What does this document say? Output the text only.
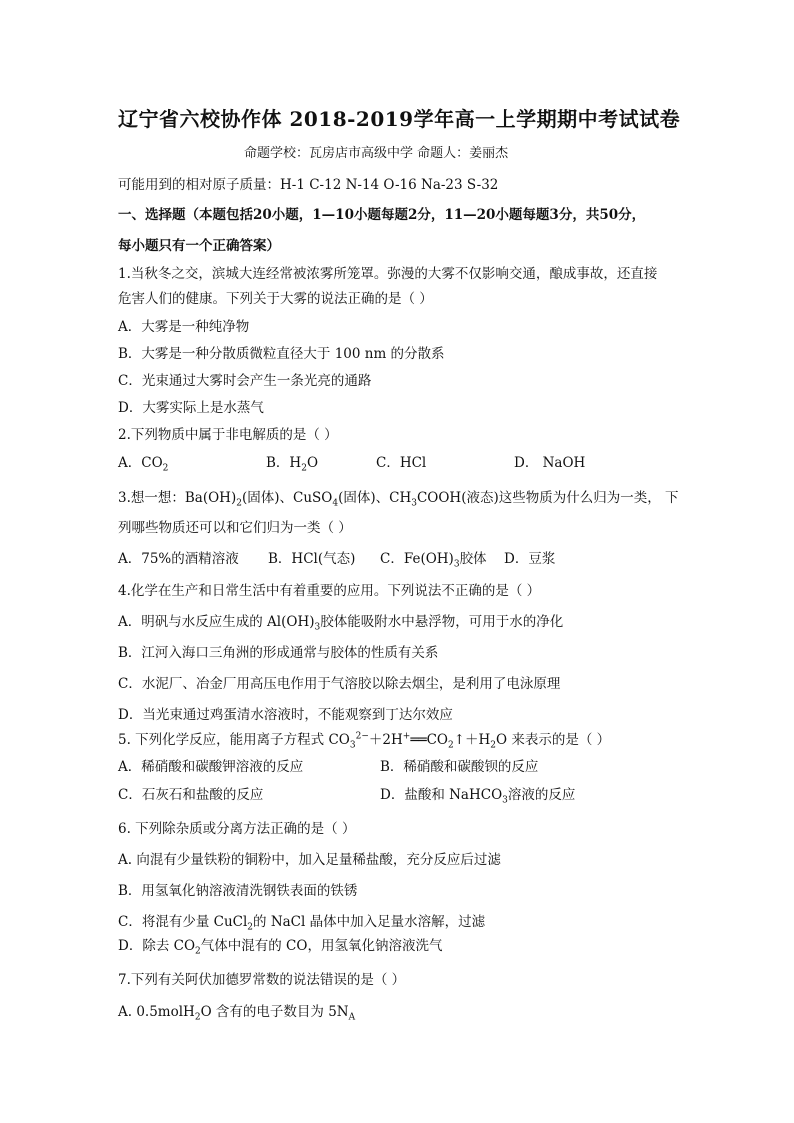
辽宁省六校协作体 2018-2019学年高一上学期期中考试试卷
命题学校：瓦房店市高级中学 命题人：姜丽杰
可能用到的相对原子质量：H-1 C-12 N-14 O-16 Na-23 S-32
一、选择题（本题包括20小题，1—10小题每题2分，11—20小题每题3分，共50分，
每小题只有一个正确答案）
1.当秋冬之交，滨城大连经常被浓雾所笼罩。弥漫的大雾不仅影响交通，酿成事故，还直接
危害人们的健康。下列关于大雾的说法正确的是（ ）
A．大雾是一种纯净物
B．大雾是一种分散质微粒直径大于 100 nm 的分散系
C．光束通过大雾时会产生一条光亮的通路
D．大雾实际上是水蒸气
2.下列物质中属于非电解质的是（ ）
A．$CO_2$	B．$H_2O$	C．HCl	D． NaOH
3.想一想：$Ba(OH)_2$(固体)、CuSO$_4$(固体)、$CH_3COOH$(液态)这些物质为什么归为一类， 下
列哪些物质还可以和它们归为一类（ ）
A．75%的酒精溶液 B．HCl(气态) C．$Fe(OH)_3$胶体 D．豆浆
4.化学在生产和日常生活中有着重要的应用。下列说法不正确的是（ ）
A．明矾与水反应生成的 $Al(OH)_3$胶体能吸附水中悬浮物，可用于水的净化
B．江河入海口三角洲的形成通常与胶体的性质有关系
C．水泥厂、冶金厂用高压电作用于气溶胶以除去烟尘，是利用了电泳原理
D．当光束通过鸡蛋清水溶液时，不能观察到丁达尔效应
5. 下列化学反应，能用离子方程式 $CO_3^{2-}+2H^+══CO_2↑+H_2O$ 来表示的是（ ）
A．稀硝酸和碳酸钾溶液的反应	B．稀硝酸和碳酸钡的反应
C．石灰石和盐酸的反应	D．盐酸和 NaHCO$_3$溶液的反应
6. 下列除杂质或分离方法正确的是（ ）
A. 向混有少量铁粉的铜粉中，加入足量稀盐酸，充分反应后过滤
B．用氢氧化钠溶液清洗钢铁表面的铁锈
C．将混有少量 CuCl$_2$的 NaCl 晶体中加入足量水溶解，过滤
D．除去 $CO_2$气体中混有的 CO，用氢氧化钠溶液洗气
7.下列有关阿伏加德罗常数的说法错误的是（ ）
A. 0.5molH$_2$O 含有的电子数目为 $5N_A$
